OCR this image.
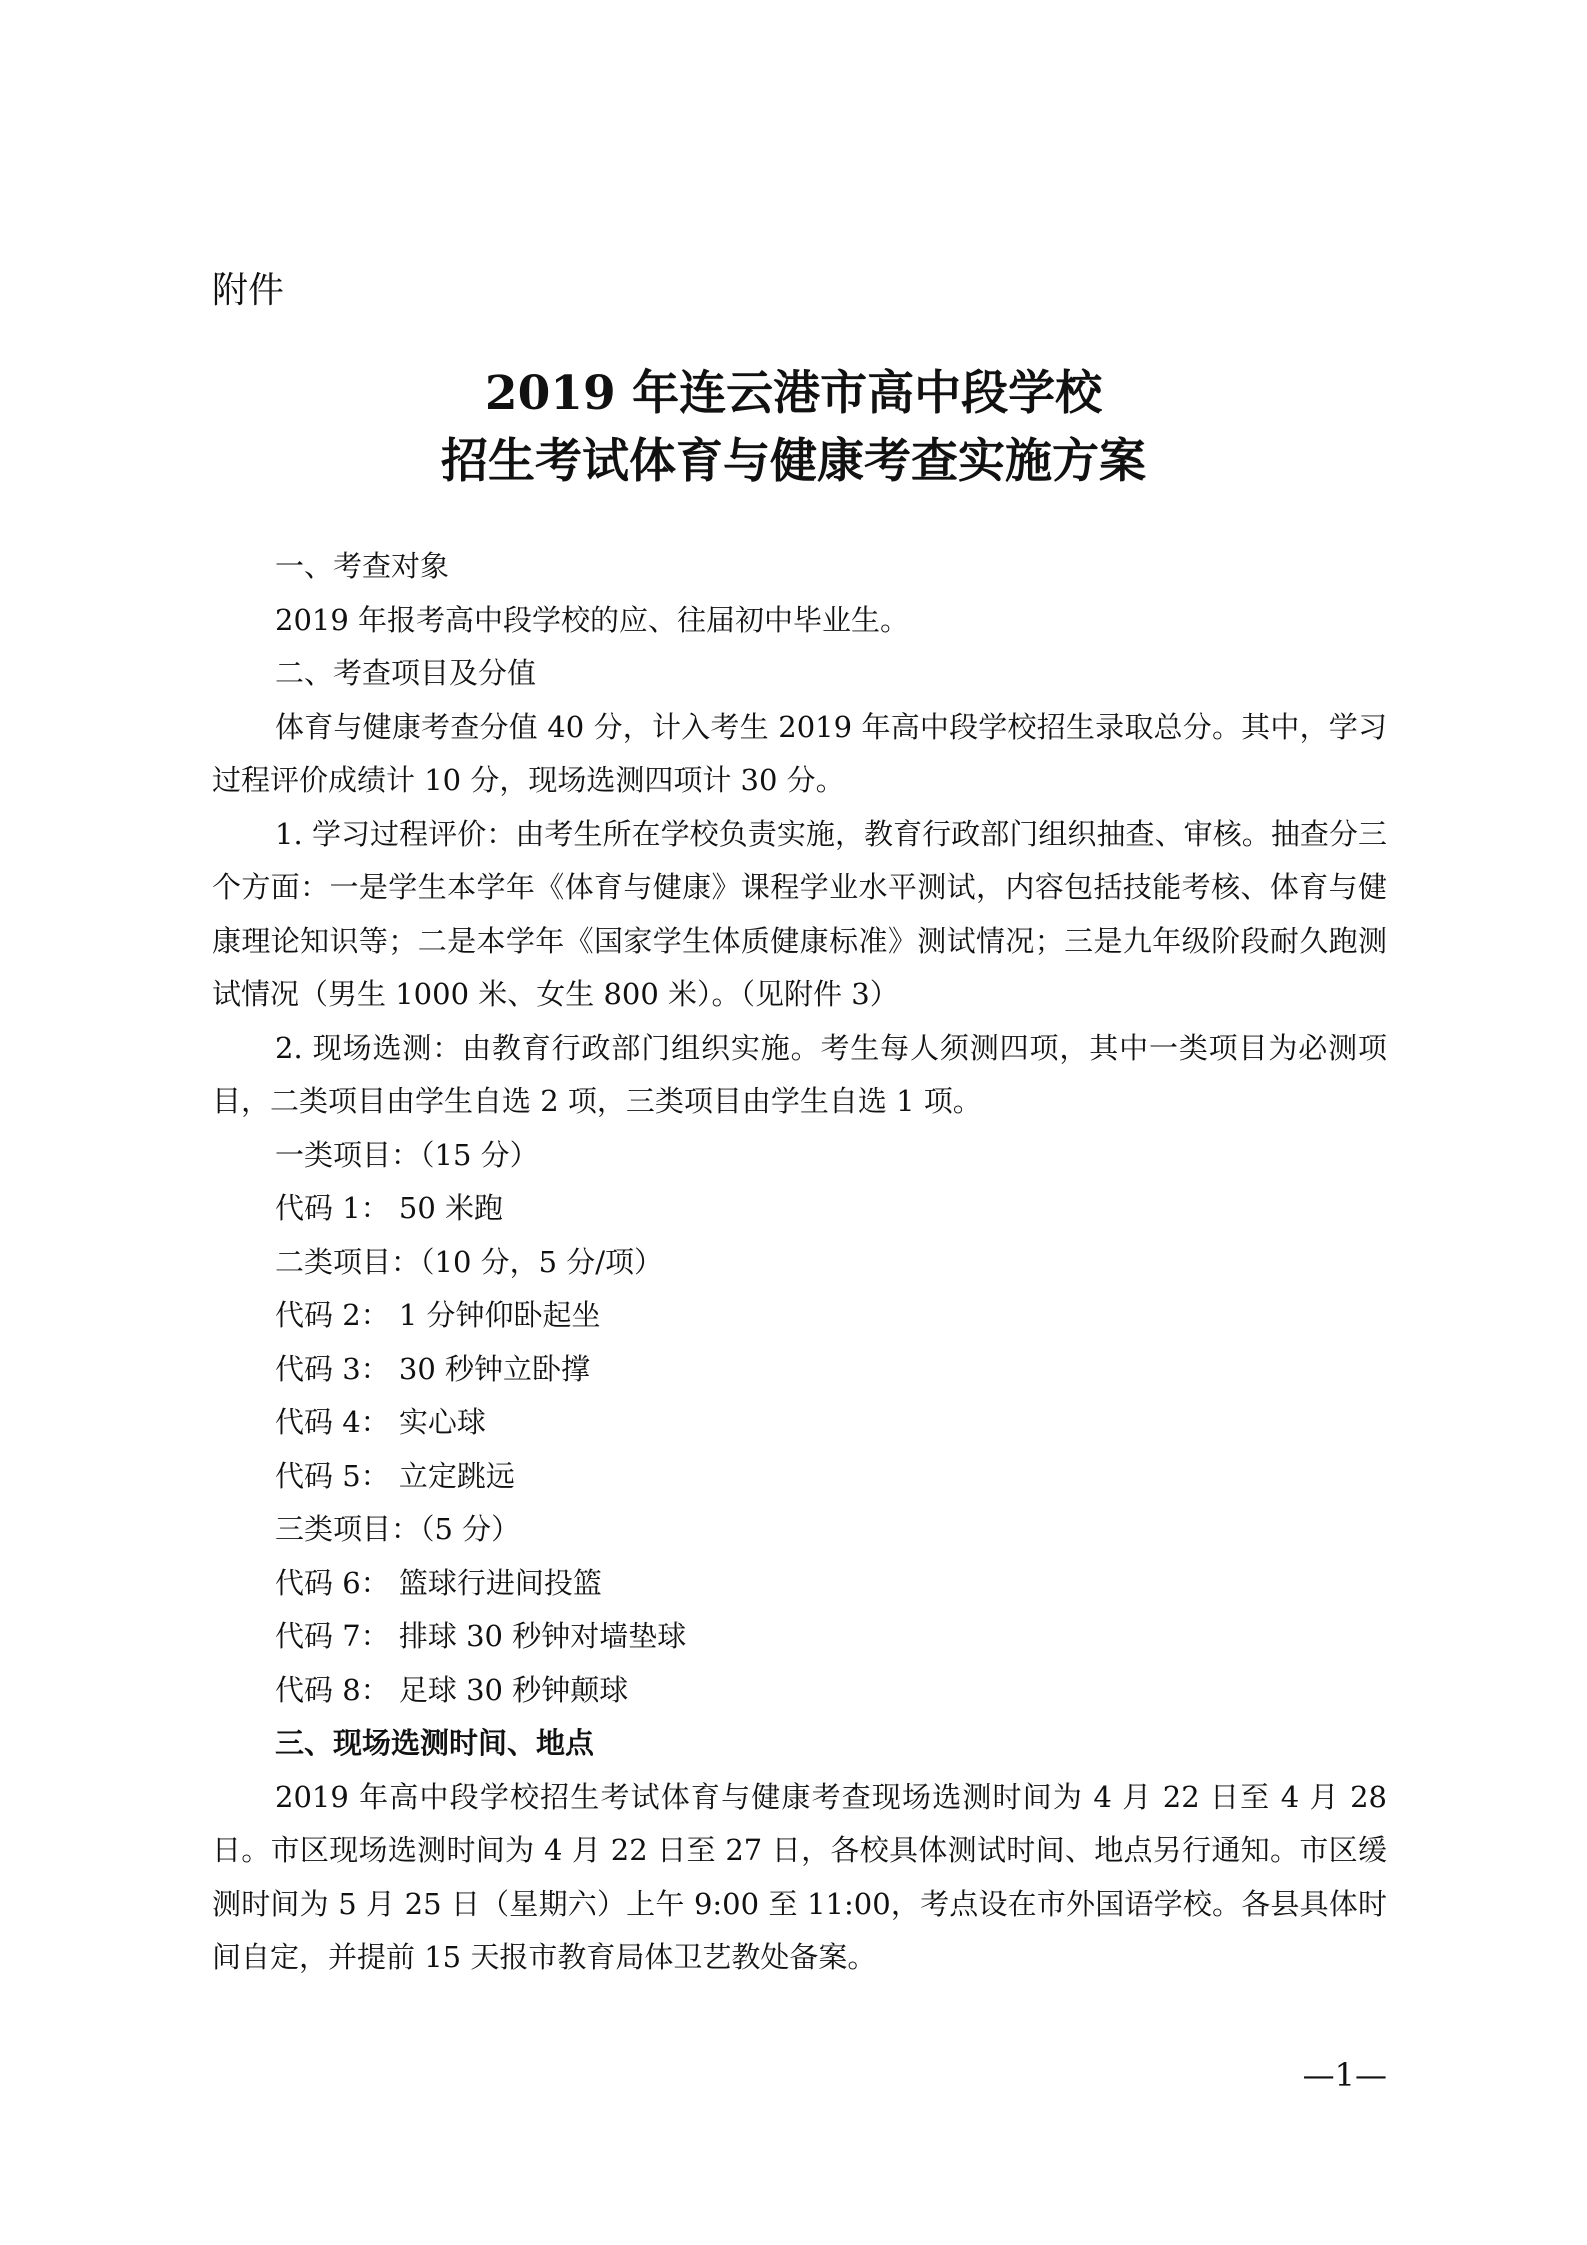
附件
2019 年连云港市高中段学校
招生考试体育与健康考查实施方案

一、考查对象

2019 年报考高中段学校的应、往届初中毕业生。

二、考查项目及分值

体育与健康考查分值 40 分，计入考生 2019 年高中段学校招生录取总分。其中，学习过程评价成绩计 10 分，现场选测四项计 30 分。

1. 学习过程评价：由考生所在学校负责实施，教育行政部门组织抽查、审核。抽查分三个方面：一是学生本学年《体育与健康》课程学业水平测试，内容包括技能考核、体育与健康理论知识等；二是本学年《国家学生体质健康标准》测试情况；三是九年级阶段耐久跑测试情况（男生 1000 米、女生 800 米）。（见附件 3）

2. 现场选测：由教育行政部门组织实施。考生每人须测四项，其中一类项目为必测项目，二类项目由学生自选 2 项，三类项目由学生自选 1 项。

一类项目：（15 分）

代码 1： 50 米跑

二类项目：（10 分，5 分/项）

代码 2： 1 分钟仰卧起坐

代码 3： 30 秒钟立卧撑

代码 4： 实心球

代码 5： 立定跳远

三类项目：（5 分）

代码 6： 篮球行进间投篮

代码 7： 排球 30 秒钟对墙垫球

代码 8： 足球 30 秒钟颠球

三、现场选测时间、地点

2019 年高中段学校招生考试体育与健康考查现场选测时间为 4 月 22 日至 4 月 28 日。市区现场选测时间为 4 月 22 日至 27 日，各校具体测试时间、地点另行通知。市区缓测时间为 5 月 25 日（星期六）上午 9:00 至 11:00，考点设在市外国语学校。各县具体时间自定，并提前 15 天报市教育局体卫艺教处备案。

—1—
